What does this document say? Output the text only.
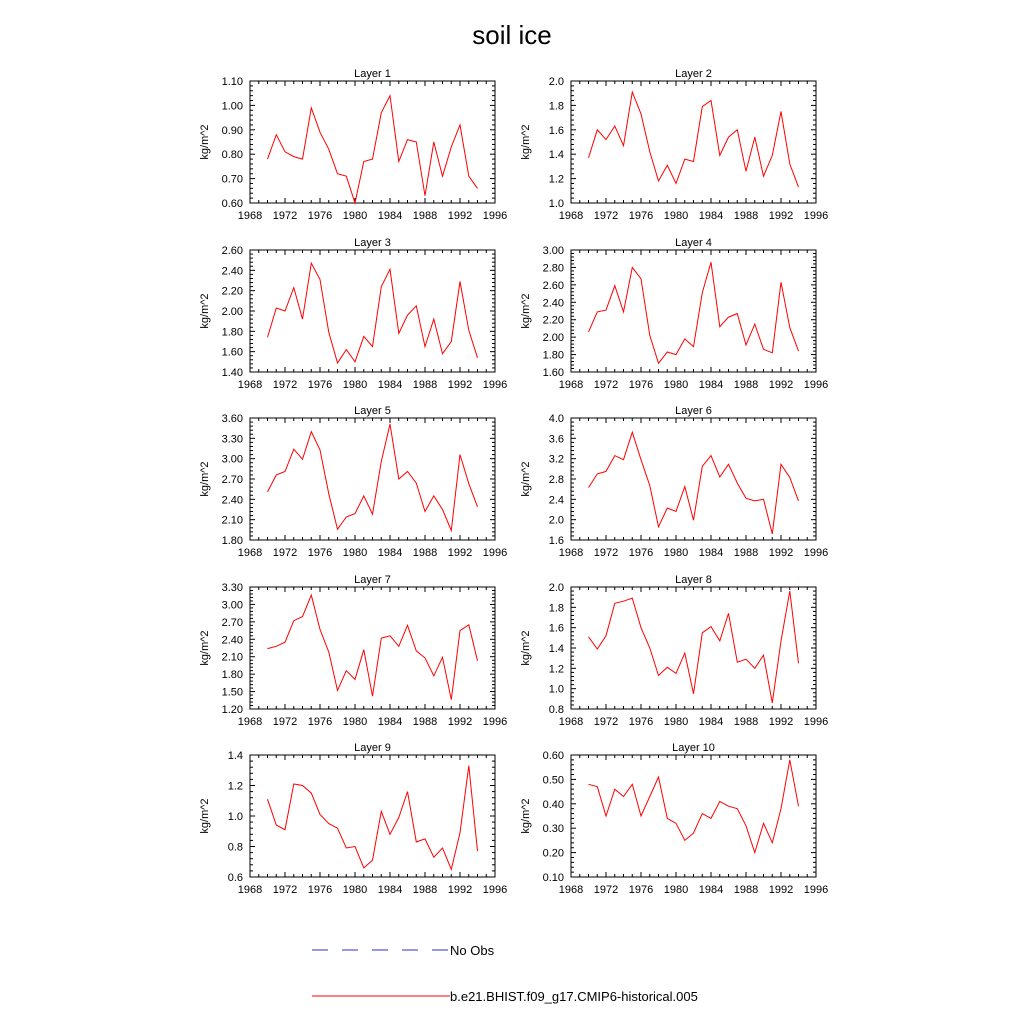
soil ice
Layer 1
kg/m^2
1968 1972 1976 1980 1984 1988 1992 1996
0.60
0.70
0.80
0.90
1.00
1.10
Layer 2
kg/m^2
1968 1972 1976 1980 1984 1988 1992 1996
1.0
1.2
1.4
1.6
1.8
2.0
Layer 3
kg/m^2
1968 1972 1976 1980 1984 1988 1992 1996
1.40
1.60
1.80
2.00
2.20
2.40
2.60
Layer 4
kg/m^2
1968 1972 1976 1980 1984 1988 1992 1996
1.60
1.80
2.00
2.20
2.40
2.60
2.80
3.00
Layer 5
kg/m^2
1968 1972 1976 1980 1984 1988 1992 1996
1.80
2.10
2.40
2.70
3.00
3.30
3.60
Layer 6
kg/m^2
1968 1972 1976 1980 1984 1988 1992 1996
1.6
2.0
2.4
2.8
3.2
3.6
4.0
Layer 7
kg/m^2
1968 1972 1976 1980 1984 1988 1992 1996
1.20
1.50
1.80
2.10
2.40
2.70
3.00
3.30
Layer 8
kg/m^2
1968 1972 1976 1980 1984 1988 1992 1996
0.8
1.0
1.2
1.4
1.6
1.8
2.0
Layer 9
kg/m^2
1968 1972 1976 1980 1984 1988 1992 1996
0.6
0.8
1.0
1.2
1.4
Layer 10
kg/m^2
1968 1972 1976 1980 1984 1988 1992 1996
0.10
0.20
0.30
0.40
0.50
0.60
No Obs
b.e21.BHIST.f09_g17.CMIP6-historical.005
